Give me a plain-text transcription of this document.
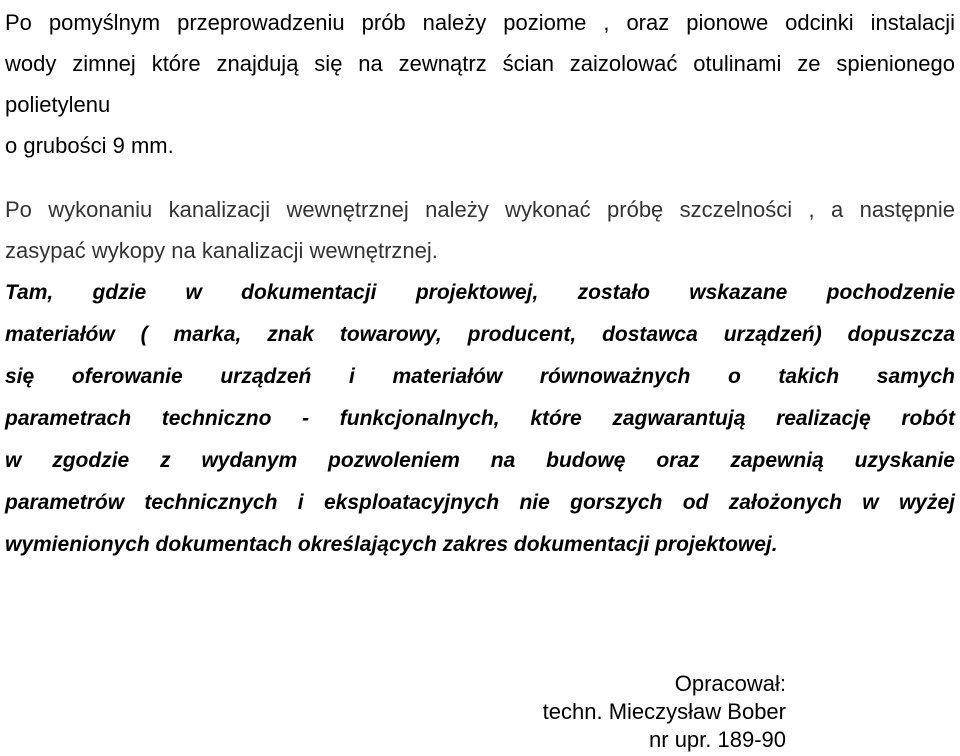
Po pomyślnym przeprowadzeniu prób należy poziome , oraz pionowe odcinki instalacji
wody zimnej które znajdują się na zewnątrz ścian zaizolować otulinami ze spienionego
polietylenu
o grubości 9 mm.
Po wykonaniu kanalizacji wewnętrznej należy wykonać próbę szczelności , a następnie
zasypać wykopy na kanalizacji wewnętrznej.
Tam, gdzie w dokumentacji projektowej, zostało wskazane pochodzenie
materiałów ( marka, znak towarowy, producent, dostawca urządzeń) dopuszcza
się oferowanie urządzeń i materiałów równoważnych o takich samych
parametrach techniczno - funkcjonalnych, które zagwarantują realizację robót
w zgodzie z wydanym pozwoleniem na budowę oraz zapewnią uzyskanie
parametrów technicznych i eksploatacyjnych nie gorszych od założonych w wyżej
wymienionych dokumentach określających zakres dokumentacji projektowej.
Opracował:
techn. Mieczysław Bober
nr upr. 189-90
